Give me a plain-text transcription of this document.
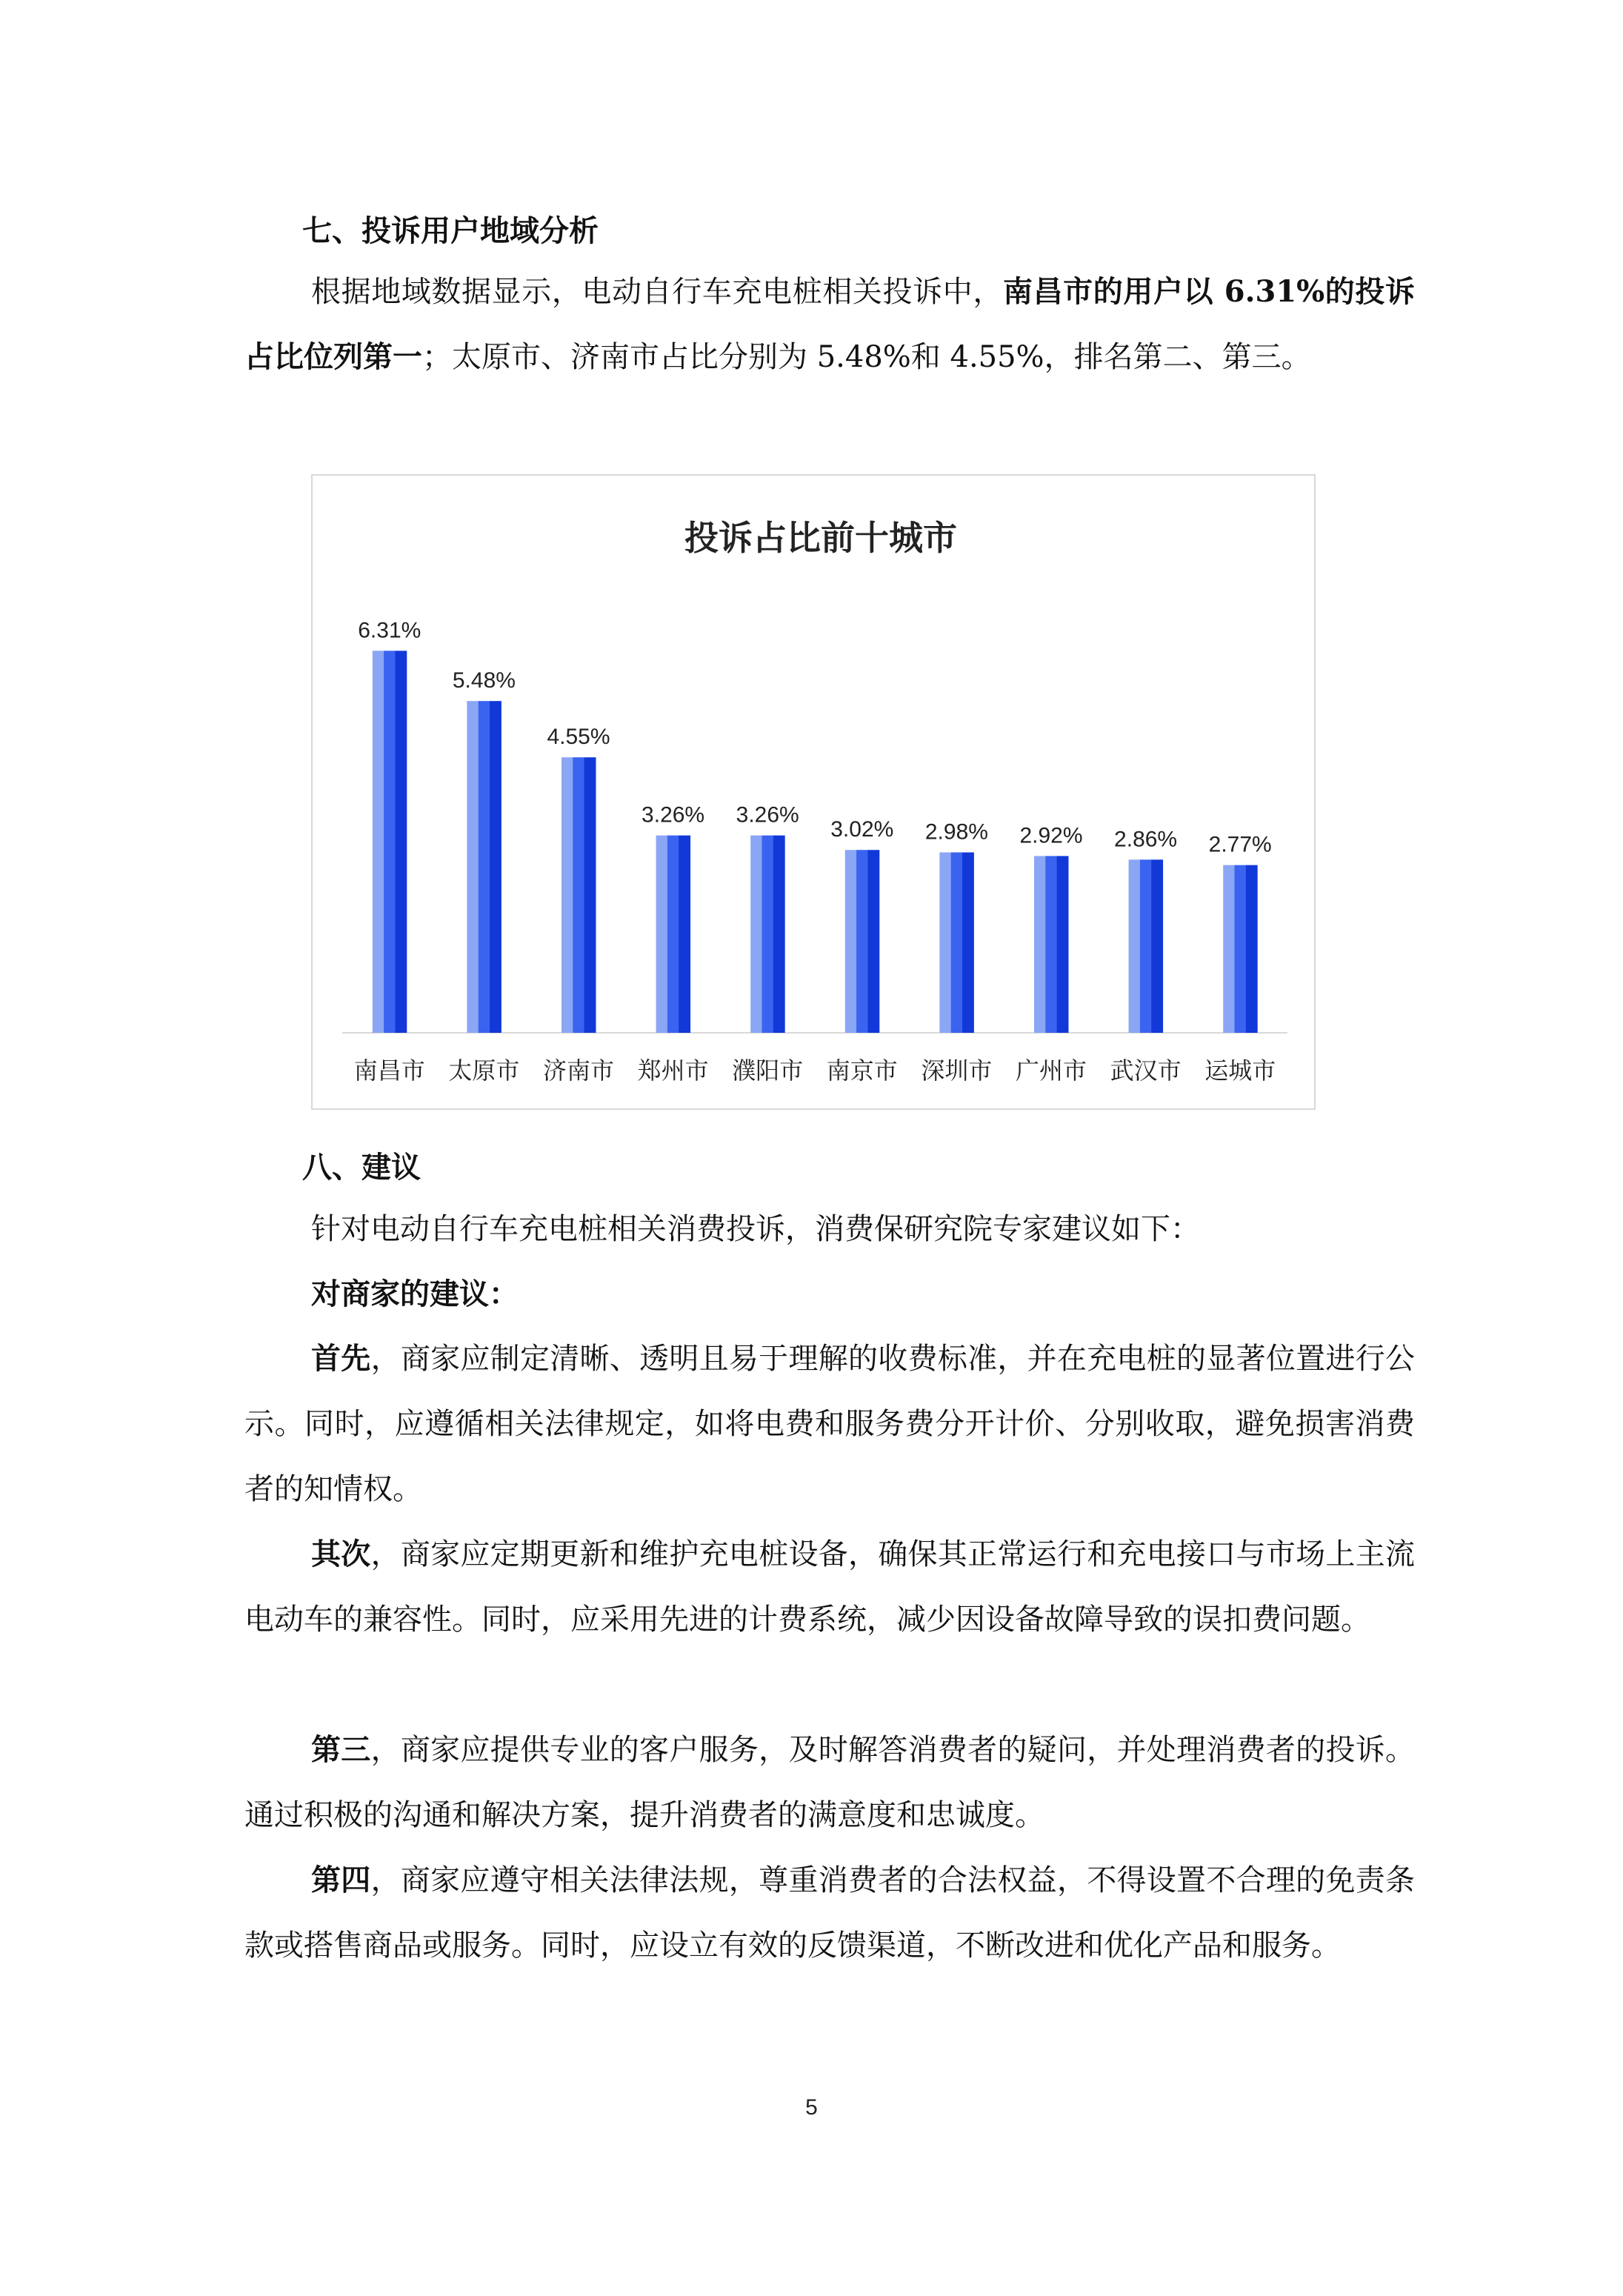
七、投诉用户地域分析

根据地域数据显示，电动自行车充电桩相关投诉中，南昌市的用户以 6.31%的投诉占比位列第一；太原市、济南市占比分别为 5.48%和 4.55%，排名第二、第三。

投诉占比前十城市
6.31%
5.48%
4.55%
3.26% 3.26%
3.02% 2.98% 2.92% 2.86% 2.77%
南昌市 太原市 济南市 郑州市 濮阳市 南京市 深圳市 广州市 武汉市 运城市
八、建议

针对电动自行车充电桩相关消费投诉，消费保研究院专家建议如下：

对商家的建议：

首先，商家应制定清晰、透明且易于理解的收费标准，并在充电桩的显著位置进行公示。同时，应遵循相关法律规定，如将电费和服务费分开计价、分别收取，避免损害消费者的知情权。

其次，商家应定期更新和维护充电桩设备，确保其正常运行和充电接口与市场上主流电动车的兼容性。同时，应采用先进的计费系统，减少因设备故障导致的误扣费问题。

第三，商家应提供专业的客户服务，及时解答消费者的疑问，并处理消费者的投诉。通过积极的沟通和解决方案，提升消费者的满意度和忠诚度。

第四，商家应遵守相关法律法规，尊重消费者的合法权益，不得设置不合理的免责条款或搭售商品或服务。同时，应设立有效的反馈渠道，不断改进和优化产品和服务。

5
